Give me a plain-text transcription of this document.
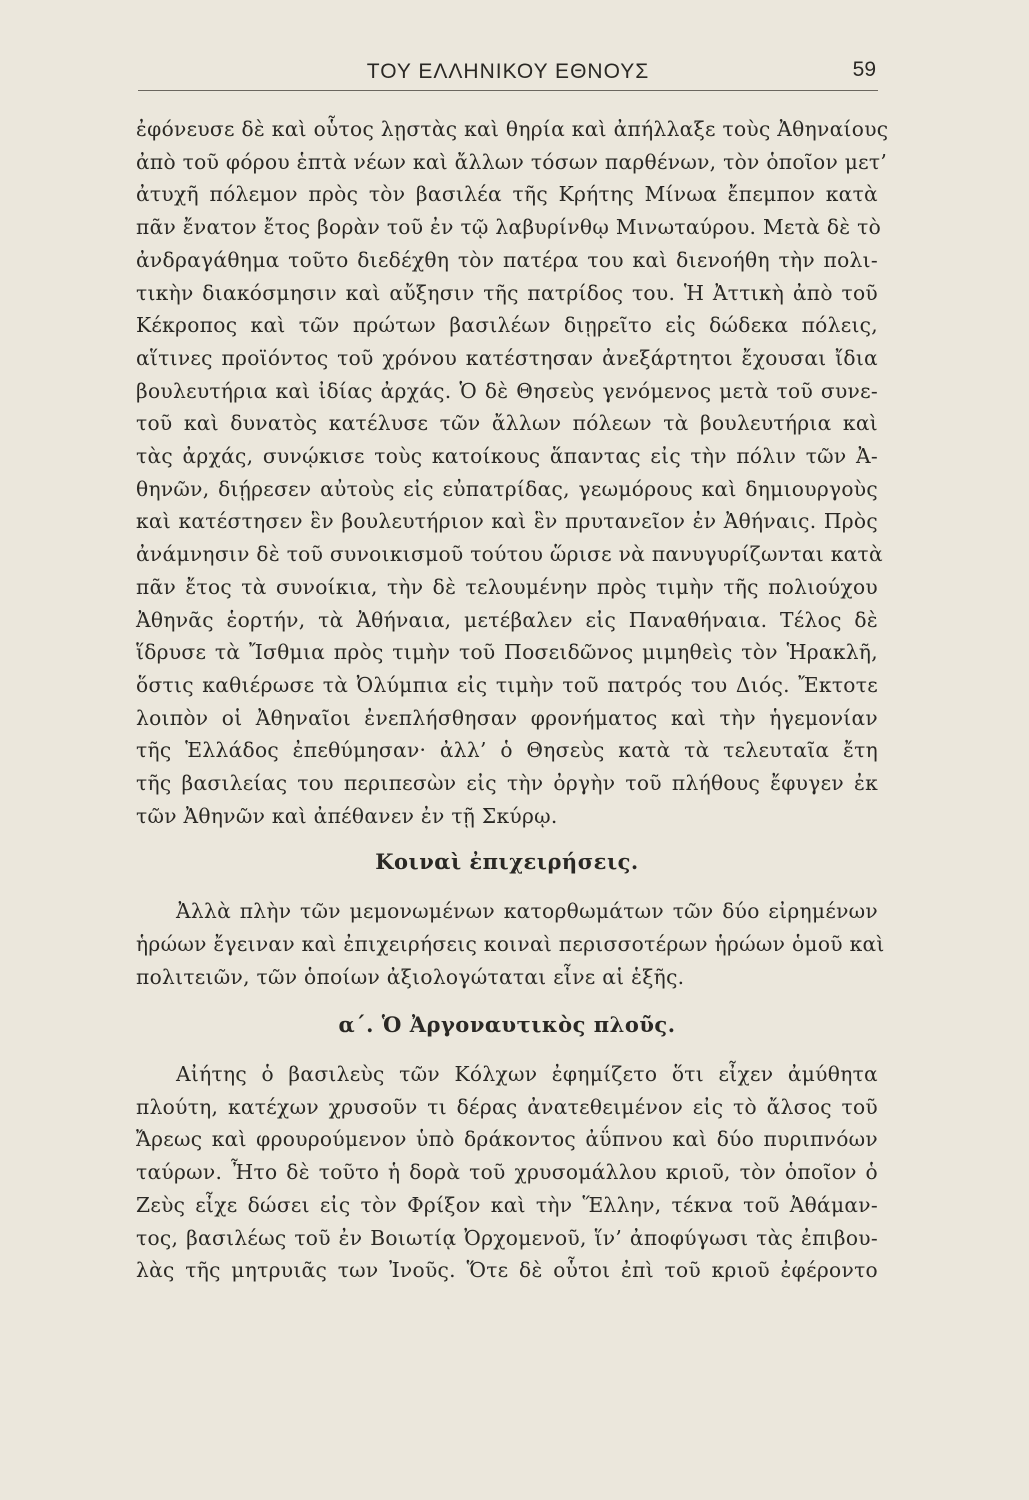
ΤΟΥ ΕΛΛΗΝΙΚΟΥ ΕΘΝΟΥΣ	59
ἐφόνευσε δὲ καὶ οὗτος λῃστὰς καὶ θηρία καὶ ἀπήλλαξε τοὺς Ἀθηναίους
ἀπὸ τοῦ φόρου ἑπτὰ νέων καὶ ἄλλων τόσων παρθένων, τὸν ὁποῖον μετ’
ἀτυχῆ πόλεμον πρὸς τὸν βασιλέα τῆς Κρήτης Μίνωα ἔπεμπον κατὰ
πᾶν ἔνατον ἔτος βορὰν τοῦ ἐν τῷ λαβυρίνθῳ Μινωταύρου. Μετὰ δὲ τὸ
ἀνδραγάθημα τοῦτο διεδέχθη τὸν πατέρα του καὶ διενοήθη τὴν πολι-
τικὴν διακόσμησιν καὶ αὔξησιν τῆς πατρίδος του. Ἡ Ἀττικὴ ἀπὸ τοῦ
Κέκροπος καὶ τῶν πρώτων βασιλέων διῃρεῖτο εἰς δώδεκα πόλεις,
αἵτινες προϊόντος τοῦ χρόνου κατέστησαν ἀνεξάρτητοι ἔχουσαι ἴδια
βουλευτήρια καὶ ἰδίας ἀρχάς. Ὁ δὲ Θησεὺς γενόμενος μετὰ τοῦ συνε-
τοῦ καὶ δυνατὸς κατέλυσε τῶν ἄλλων πόλεων τὰ βουλευτήρια καὶ
τὰς ἀρχάς, συνῴκισε τοὺς κατοίκους ἅπαντας εἰς τὴν πόλιν τῶν Ἀ-
θηνῶν, διῄρεσεν αὐτοὺς εἰς εὐπατρίδας, γεωμόρους καὶ δημιουργοὺς
καὶ κατέστησεν ἓν βουλευτήριον καὶ ἓν πρυτανεῖον ἐν Ἀθήναις. Πρὸς
ἀνάμνησιν δὲ τοῦ συνοικισμοῦ τούτου ὥρισε νὰ πανυγυρίζωνται κατὰ
πᾶν ἔτος τὰ συνοίκια, τὴν δὲ τελουμένην πρὸς τιμὴν τῆς πολιούχου
Ἀθηνᾶς ἑορτήν, τὰ Ἀθήναια, μετέβαλεν εἰς Παναθήναια. Τέλος δὲ
ἵδρυσε τὰ Ἴσθμια πρὸς τιμὴν τοῦ Ποσειδῶνος μιμηθεὶς τὸν Ἡρακλῆ,
ὅστις καθιέρωσε τὰ Ὀλύμπια εἰς τιμὴν τοῦ πατρός του Διός. Ἔκτοτε
λοιπὸν οἱ Ἀθηναῖοι ἐνεπλήσθησαν φρονήματος καὶ τὴν ἡγεμονίαν
τῆς Ἑλλάδος ἐπεθύμησαν· ἀλλ’ ὁ Θησεὺς κατὰ τὰ τελευταῖα ἔτη
τῆς βασιλείας του περιπεσὼν εἰς τὴν ὀργὴν τοῦ πλήθους ἔφυγεν ἐκ
τῶν Ἀθηνῶν καὶ ἀπέθανεν ἐν τῇ Σκύρῳ.
Κοιναὶ ἐπιχειρήσεις.
Ἀλλὰ πλὴν τῶν μεμονωμένων κατορθωμάτων τῶν δύο εἰρημένων
ἡρώων ἔγειναν καὶ ἐπιχειρήσεις κοιναὶ περισσοτέρων ἡρώων ὁμοῦ καὶ
πολιτειῶν, τῶν ὁποίων ἀξιολογώταται εἶνε αἱ ἑξῆς.
α΄. Ὁ Ἀργοναυτικὸς πλοῦς.
Αἰήτης ὁ βασιλεὺς τῶν Κόλχων ἐφημίζετο ὅτι εἶχεν ἀμύθητα
πλούτη, κατέχων χρυσοῦν τι δέρας ἀνατεθειμένον εἰς τὸ ἄλσος τοῦ
Ἄρεως καὶ φρουρούμενον ὑπὸ δράκοντος ἀΰπνου καὶ δύο πυριπνόων
ταύρων. Ἦτο δὲ τοῦτο ἡ δορὰ τοῦ χρυσομάλλου κριοῦ, τὸν ὁποῖον ὁ
Ζεὺς εἶχε δώσει εἰς τὸν Φρίξον καὶ τὴν Ἕλλην, τέκνα τοῦ Ἀθάμαν-
τος, βασιλέως τοῦ ἐν Βοιωτίᾳ Ὀρχομενοῦ, ἵν’ ἀποφύγωσι τὰς ἐπιβου-
λὰς τῆς μητρυιᾶς των Ἰνοῦς. Ὅτε δὲ οὗτοι ἐπὶ τοῦ κριοῦ ἐφέροντο
